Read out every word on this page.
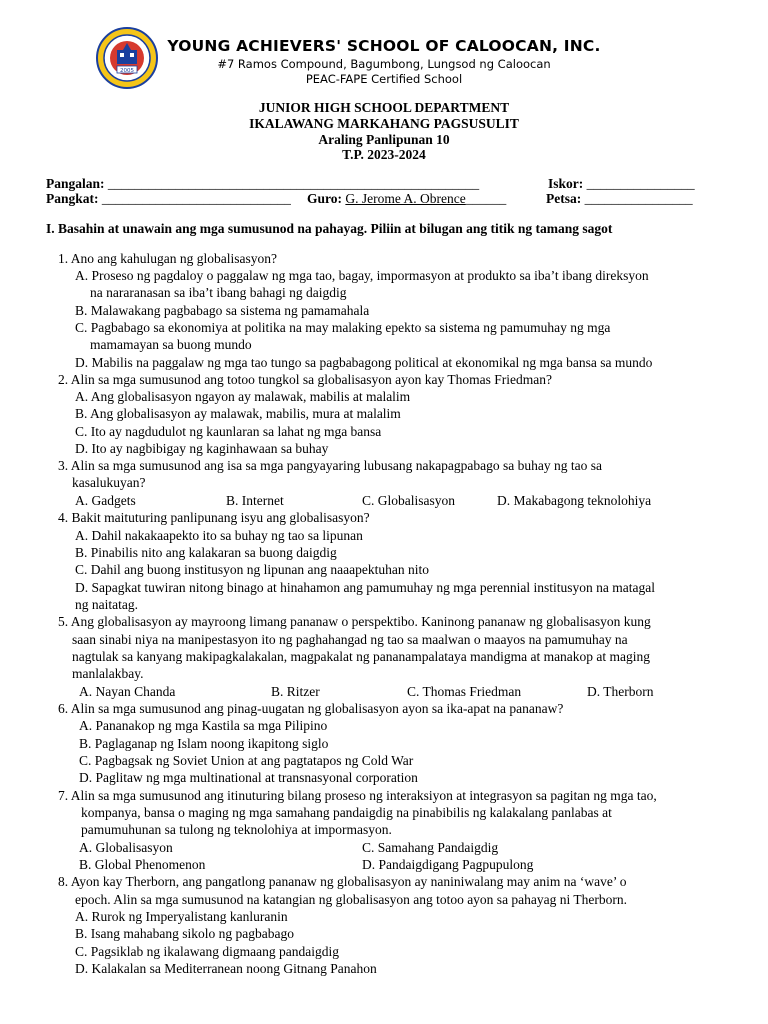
2005
YOUNG ACHIEVERS' SCHOOL OF CALOOCAN, INC.
#7 Ramos Compound, Bagumbong, Lungsod ng Caloocan
PEAC-FAPE Certified School
JUNIOR HIGH SCHOOL DEPARTMENT
IKALAWANG MARKAHANG PAGSUSULIT
Araling Panlipunan 10
T.P. 2023-2024
Pangalan: _______________________________________________________	Iskor: ________________
Pangkat: ____________________________ Guro: G. Jerome A. Obrence______	Petsa: ________________
I. Basahin at unawain ang mga sumusunod na pahayag. Piliin at bilugan ang titik ng tamang sagot
1. Ano ang kahulugan ng globalisasyon?
A. Proseso ng pagdaloy o paggalaw ng mga tao, bagay, impormasyon at produkto sa iba’t ibang direksyon
na nararanasan sa iba’t ibang bahagi ng daigdig
B. Malawakang pagbabago sa sistema ng pamamahala
C. Pagbabago sa ekonomiya at politika na may malaking epekto sa sistema ng pamumuhay ng mga
mamamayan sa buong mundo
D. Mabilis na paggalaw ng mga tao tungo sa pagbabagong political at ekonomikal ng mga bansa sa mundo
2. Alin sa mga sumusunod ang totoo tungkol sa globalisasyon ayon kay Thomas Friedman?
A. Ang globalisasyon ngayon ay malawak, mabilis at malalim
B. Ang globalisasyon ay malawak, mabilis, mura at malalim
C. Ito ay nagdudulot ng kaunlaran sa lahat ng mga bansa
D. Ito ay nagbibigay ng kaginhawaan sa buhay
3. Alin sa mga sumusunod ang isa sa mga pangyayaring lubusang nakapagpabago sa buhay ng tao sa
kasalukuyan?
A. Gadgets	B. Internet	C. Globalisasyon	D. Makabagong teknolohiya
4. Bakit maituturing panlipunang isyu ang globalisasyon?
A. Dahil nakakaapekto ito sa buhay ng tao sa lipunan
B. Pinabilis nito ang kalakaran sa buong daigdig
C. Dahil ang buong institusyon ng lipunan ang naaapektuhan nito
D. Sapagkat tuwiran nitong binago at hinahamon ang pamumuhay ng mga perennial institusyon na matagal
ng naitatag.
5. Ang globalisasyon ay mayroong limang pananaw o perspektibo. Kaninong pananaw ng globalisasyon kung
saan sinabi niya na manipestasyon ito ng paghahangad ng tao sa maalwan o maayos na pamumuhay na
nagtulak sa kanyang makipagkalakalan, magpakalat ng pananampalataya mandigma at manakop at maging
manlalakbay.
A. Nayan Chanda	B. Ritzer	C. Thomas Friedman	D. Therborn
6. Alin sa mga sumusunod ang pinag-uugatan ng globalisasyon ayon sa ika-apat na pananaw?
A. Pananakop ng mga Kastila sa mga Pilipino
B. Paglaganap ng Islam noong ikapitong siglo
C. Pagbagsak ng Soviet Union at ang pagtatapos ng Cold War
D. Paglitaw ng mga multinational at transnasyonal corporation
7. Alin sa mga sumusunod ang itinuturing bilang proseso ng interaksiyon at integrasyon sa pagitan ng mga tao,
kompanya, bansa o maging ng mga samahang pandaigdig na pinabibilis ng kalakalang panlabas at
pamumuhunan sa tulong ng teknolohiya at impormasyon.
A. Globalisasyon	C. Samahang Pandaigdig
B. Global Phenomenon	D. Pandaigdigang Pagpupulong
8. Ayon kay Therborn, ang pangatlong pananaw ng globalisasyon ay naniniwalang may anim na ‘wave’ o
epoch. Alin sa mga sumusunod na katangian ng globalisasyon ang totoo ayon sa pahayag ni Therborn.
A. Rurok ng Imperyalistang kanluranin
B. Isang mahabang sikolo ng pagbabago
C. Pagsiklab ng ikalawang digmaang pandaigdig
D. Kalakalan sa Mediterranean noong Gitnang Panahon
